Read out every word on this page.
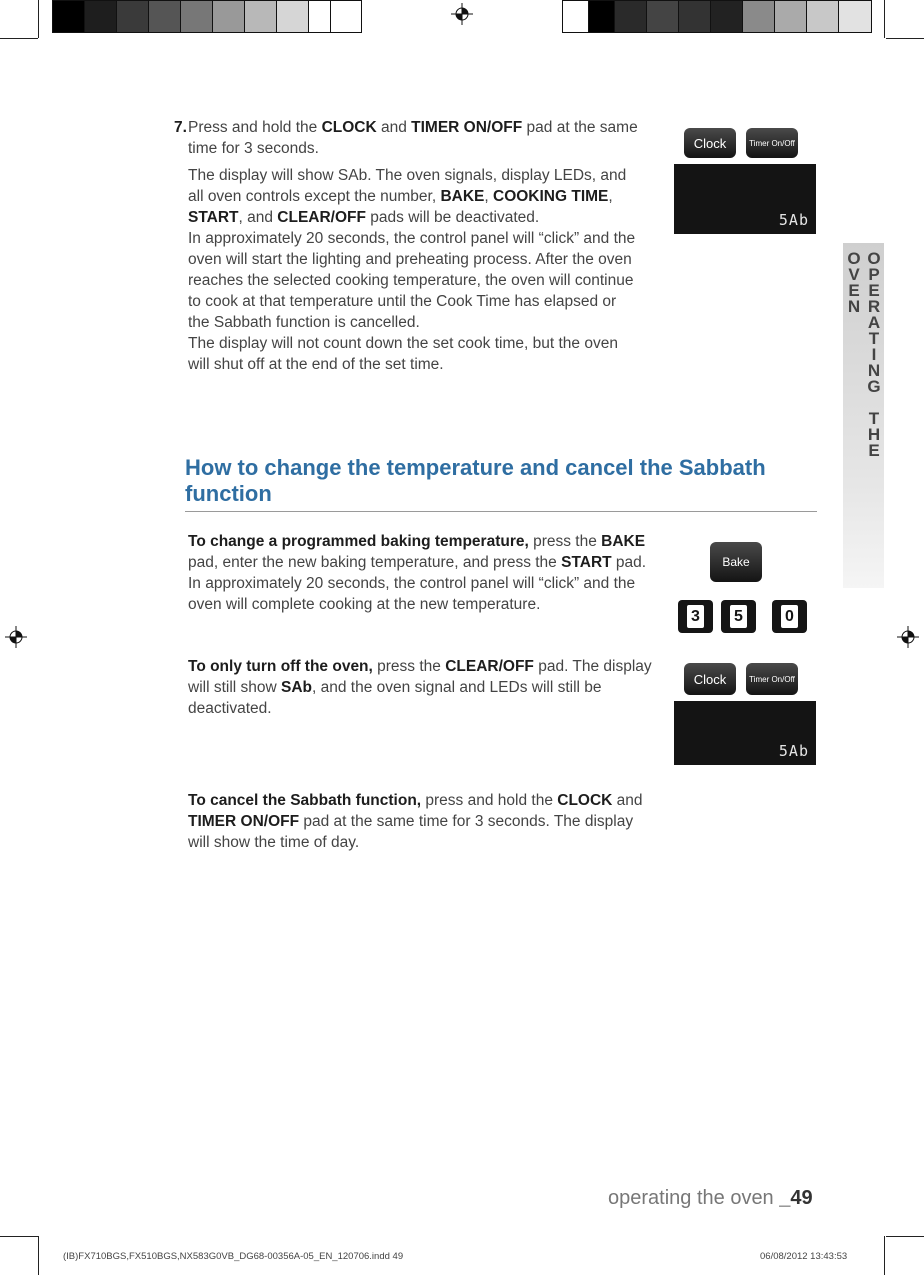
7. Press and hold the CLOCK and TIMER ON/OFF pad at the same time for 3 seconds.

The display will show SAb. The oven signals, display LEDs, and all oven controls except the number, BAKE, COOKING TIME, START, and CLEAR/OFF pads will be deactivated.

In approximately 20 seconds, the control panel will “click” and the oven will start the lighting and preheating process. After the oven reaches the selected cooking temperature, the oven will continue to cook at that temperature until the Cook Time has elapsed or the Sabbath function is cancelled.

The display will not count down the set cook time, but the oven will shut off at the end of the set time.

Clock	Timer On/Off
5Ab
OPERATING THE OVEN
How to change the temperature and cancel the Sabbath function

To change a programmed baking temperature, press the BAKE pad, enter the new baking temperature, and press the START pad. In approximately 20 seconds, the control panel will “click” and the oven will complete cooking at the new temperature.

Bake
3 5	0

To only turn off the oven, press the CLEAR/OFF pad. The display will still show SAb, and the oven signal and LEDs will still be deactivated.

Clock	Timer On/Off
5Ab

To cancel the Sabbath function, press and hold the CLOCK and TIMER ON/OFF pad at the same time for 3 seconds. The display will show the time of day.

operating the oven _49
(IB)FX710BGS,FX510BGS,NX583G0VB_DG68-00356A-05_EN_120706.indd 49	06/08/2012 13:43:53
